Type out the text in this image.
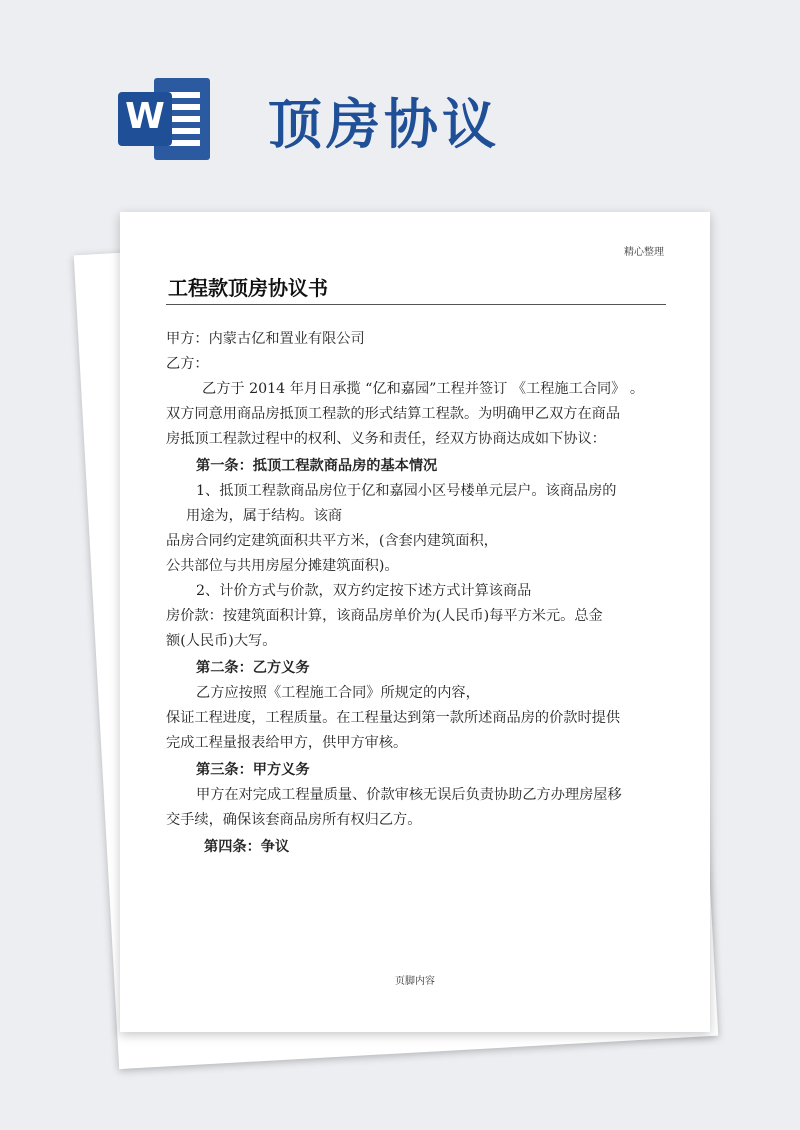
W 顶房协议
精心整理
工程款顶房协议书

甲方：内蒙古亿和置业有限公司

乙方：

乙方于 2014 年月日承揽 “亿和嘉园”工程并签订 《工程施工合同》 。

双方同意用商品房抵顶工程款的形式结算工程款。为明确甲乙双方在商品

房抵顶工程款过程中的权利、义务和责任，经双方协商达成如下协议：

第一条：抵顶工程款商品房的基本情况

1、抵顶工程款商品房位于亿和嘉园小区号楼单元层户。该商品房的

用途为，属于结构。该商

品房合同约定建筑面积共平方米，(含套内建筑面积，

公共部位与共用房屋分摊建筑面积)。

2、计价方式与价款，双方约定按下述方式计算该商品

房价款：按建筑面积计算，该商品房单价为(人民币)每平方米元。总金

额(人民币)大写。

第二条：乙方义务

乙方应按照《工程施工合同》所规定的内容，

保证工程进度，工程质量。在工程量达到第一款所述商品房的价款时提供

完成工程量报表给甲方，供甲方审核。

第三条：甲方义务

甲方在对完成工程量质量、价款审核无误后负责协助乙方办理房屋移

交手续，确保该套商品房所有权归乙方。

第四条：争议

页脚内容
